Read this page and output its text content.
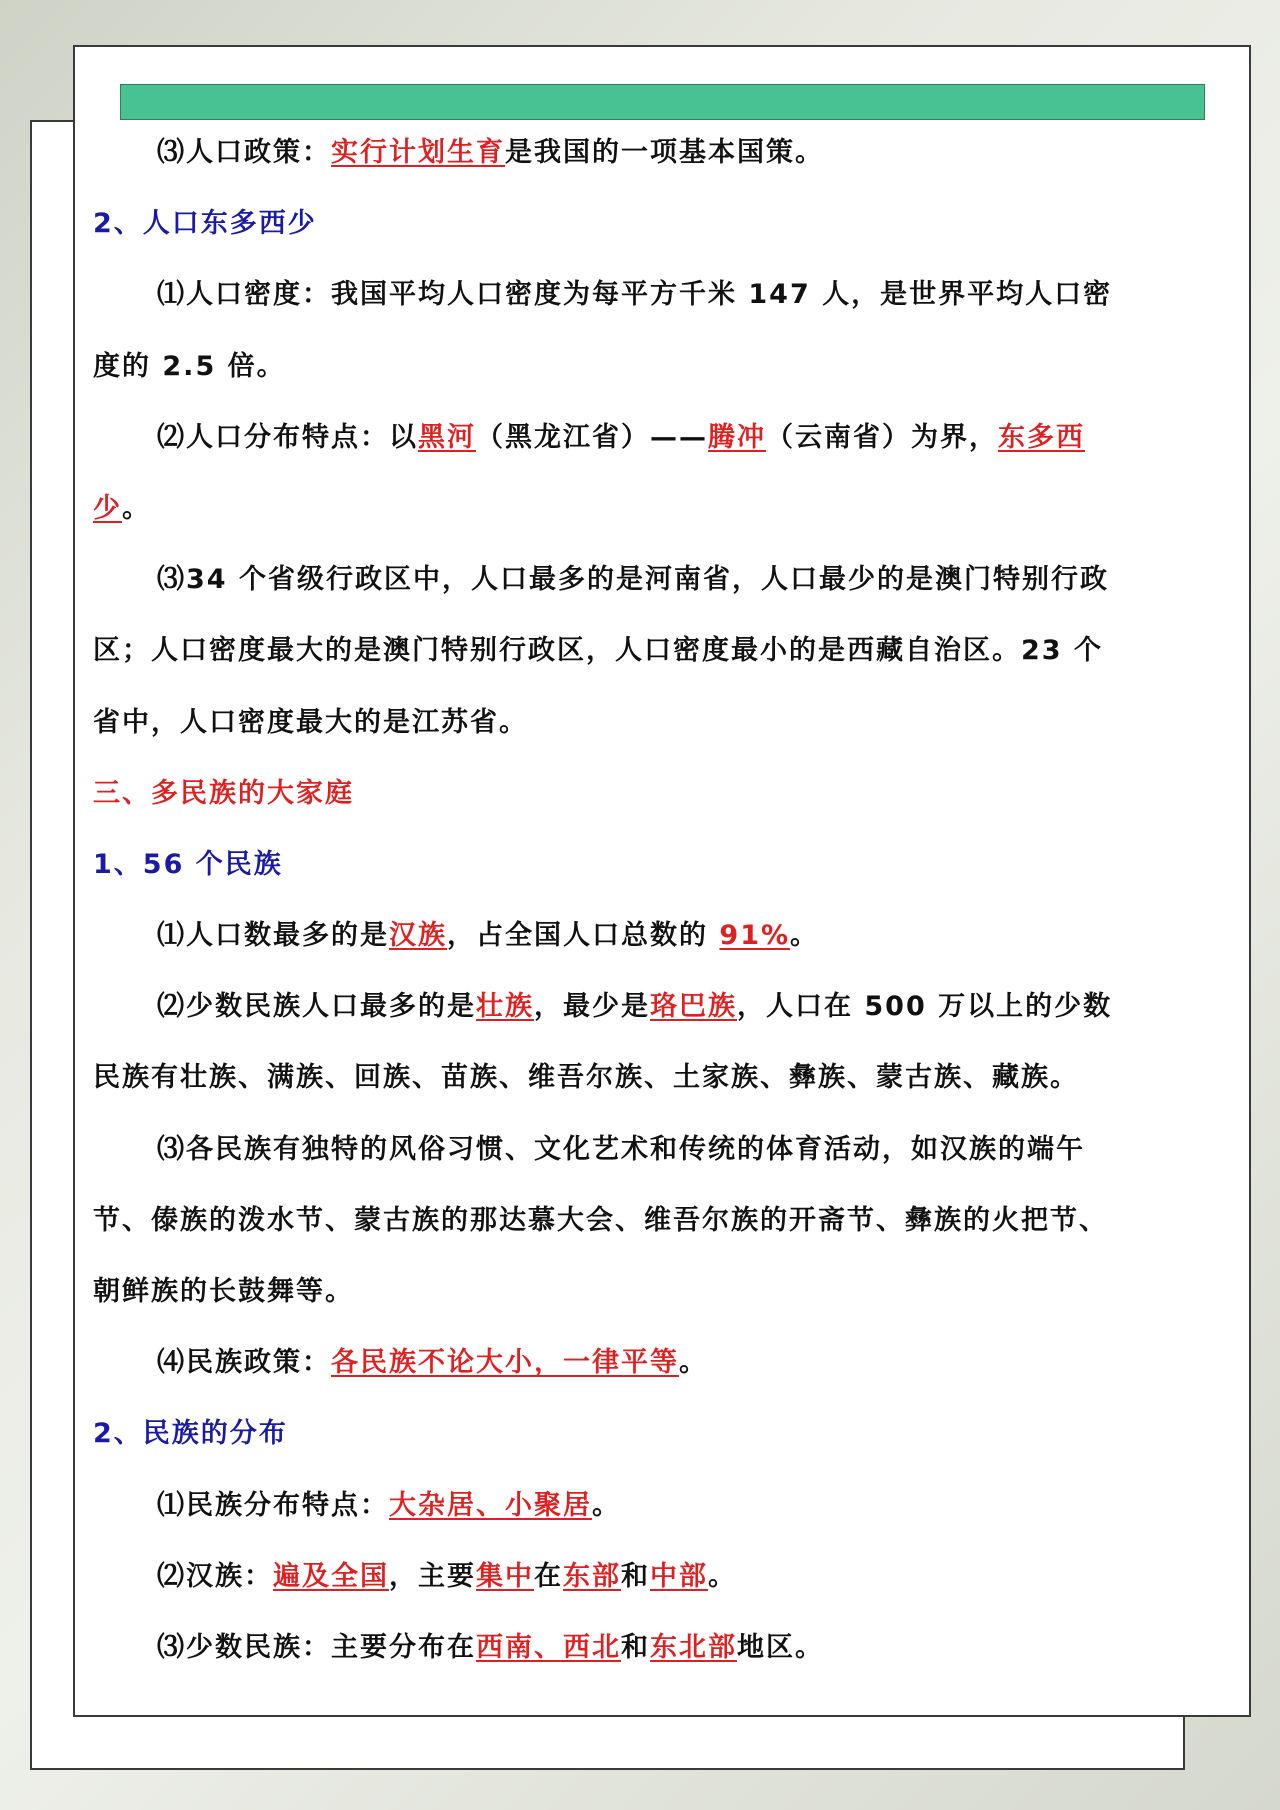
⑶人口政策：实行计划生育是我国的一项基本国策。
2、人口东多西少
⑴人口密度：我国平均人口密度为每平方千米 147 人，是世界平均人口密
度的 2.5 倍。
⑵人口分布特点：以黑河（黑龙江省）——腾冲（云南省）为界，东多西
少。
⑶34 个省级行政区中，人口最多的是河南省，人口最少的是澳门特别行政
区；人口密度最大的是澳门特别行政区，人口密度最小的是西藏自治区。23 个
省中，人口密度最大的是江苏省。
三、多民族的大家庭
1、56 个民族
⑴人口数最多的是汉族，占全国人口总数的 91%。
⑵少数民族人口最多的是壮族，最少是珞巴族，人口在 500 万以上的少数
民族有壮族、满族、回族、苗族、维吾尔族、土家族、彝族、蒙古族、藏族。
⑶各民族有独特的风俗习惯、文化艺术和传统的体育活动，如汉族的端午
节、傣族的泼水节、蒙古族的那达慕大会、维吾尔族的开斋节、彝族的火把节、
朝鲜族的长鼓舞等。
⑷民族政策：各民族不论大小，一律平等。
2、民族的分布
⑴民族分布特点：大杂居、小聚居。
⑵汉族：遍及全国，主要集中在东部和中部。
⑶少数民族：主要分布在西南、西北和东北部地区。
